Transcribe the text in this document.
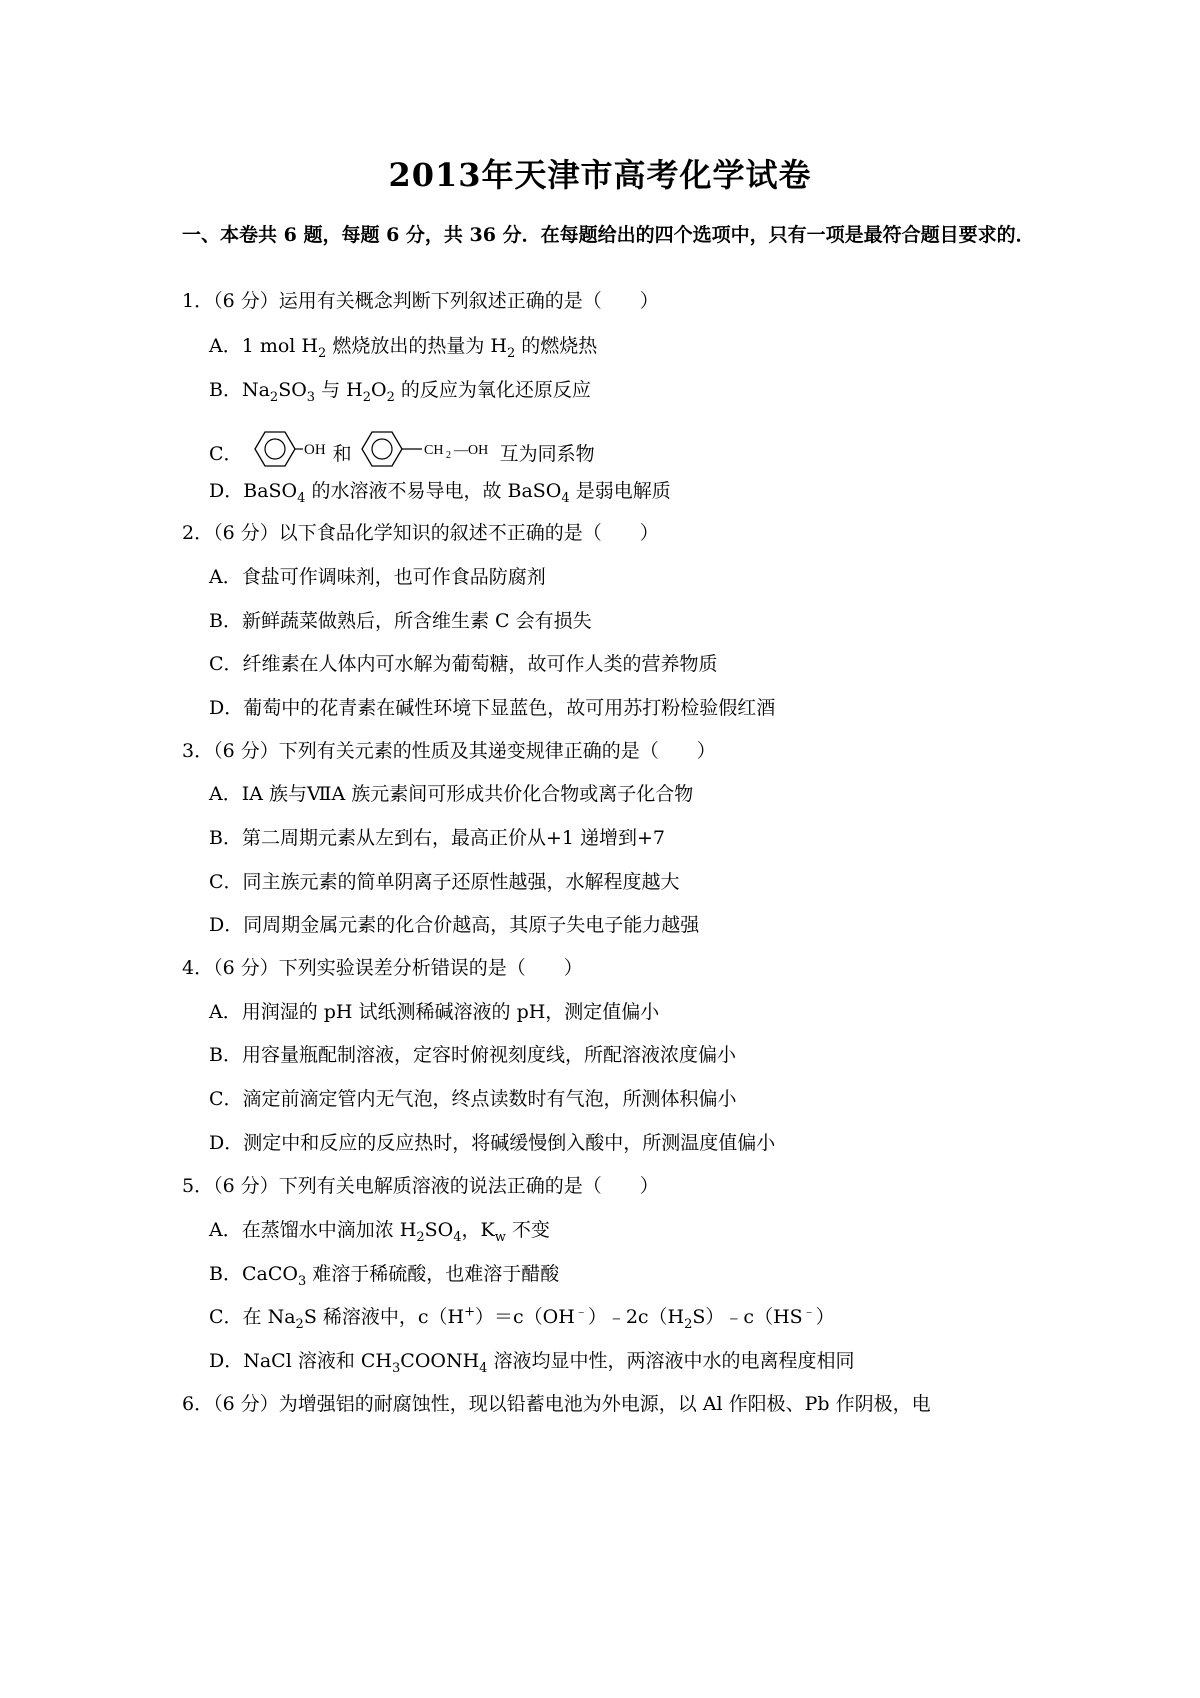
2013年天津市高考化学试卷
一、本卷共 6 题，每题 6 分，共 36 分．在每题给出的四个选项中，只有一项是最符合题目要求的．
1．（6 分）运用有关概念判断下列叙述正确的是（　　）
A．1 mol $H_2$ 燃烧放出的热量为 $H_2$ 的燃烧热
B．$Na_2SO_3$ 与 $H_2O_2$ 的反应为氧化还原反应
C．	OH 和	CH 2 —OH 互为同系物
D．BaSO$_4$ 的水溶液不易导电，故 BaSO$_4$ 是弱电解质
2．（6 分）以下食品化学知识的叙述不正确的是（　　）
A．食盐可作调味剂，也可作食品防腐剂
B．新鲜蔬菜做熟后，所含维生素 C 会有损失
C．纤维素在人体内可水解为葡萄糖，故可作人类的营养物质
D．葡萄中的花青素在碱性环境下显蓝色，故可用苏打粉检验假红酒
3．（6 分）下列有关元素的性质及其递变规律正确的是（　　）
A．ⅠA 族与ⅦA 族元素间可形成共价化合物或离子化合物
B．第二周期元素从左到右，最高正价从+1 递增到+7
C．同主族元素的简单阴离子还原性越强，水解程度越大
D．同周期金属元素的化合价越高，其原子失电子能力越强
4．（6 分）下列实验误差分析错误的是（　　）
A．用润湿的 pH 试纸测稀碱溶液的 pH，测定值偏小
B．用容量瓶配制溶液，定容时俯视刻度线，所配溶液浓度偏小
C．滴定前滴定管内无气泡，终点读数时有气泡，所测体积偏小
D．测定中和反应的反应热时，将碱缓慢倒入酸中，所测温度值偏小
5．（6 分）下列有关电解质溶液的说法正确的是（　　）
A．在蒸馏水中滴加浓 $H_2SO_4$，$K_w$ 不变
B．CaCO$_3$ 难溶于稀硫酸，也难溶于醋酸
C．在 $Na_2S$ 稀溶液中，$c(H^+)=c(OH^﹣)﹣2c(H_2S)﹣c(HS^﹣)$
D．NaCl 溶液和 $CH_3COONH_4$ 溶液均显中性，两溶液中水的电离程度相同
6．（6 分）为增强铝的耐腐蚀性，现以铅蓄电池为外电源，以 Al 作阳极、Pb 作阴极，电
